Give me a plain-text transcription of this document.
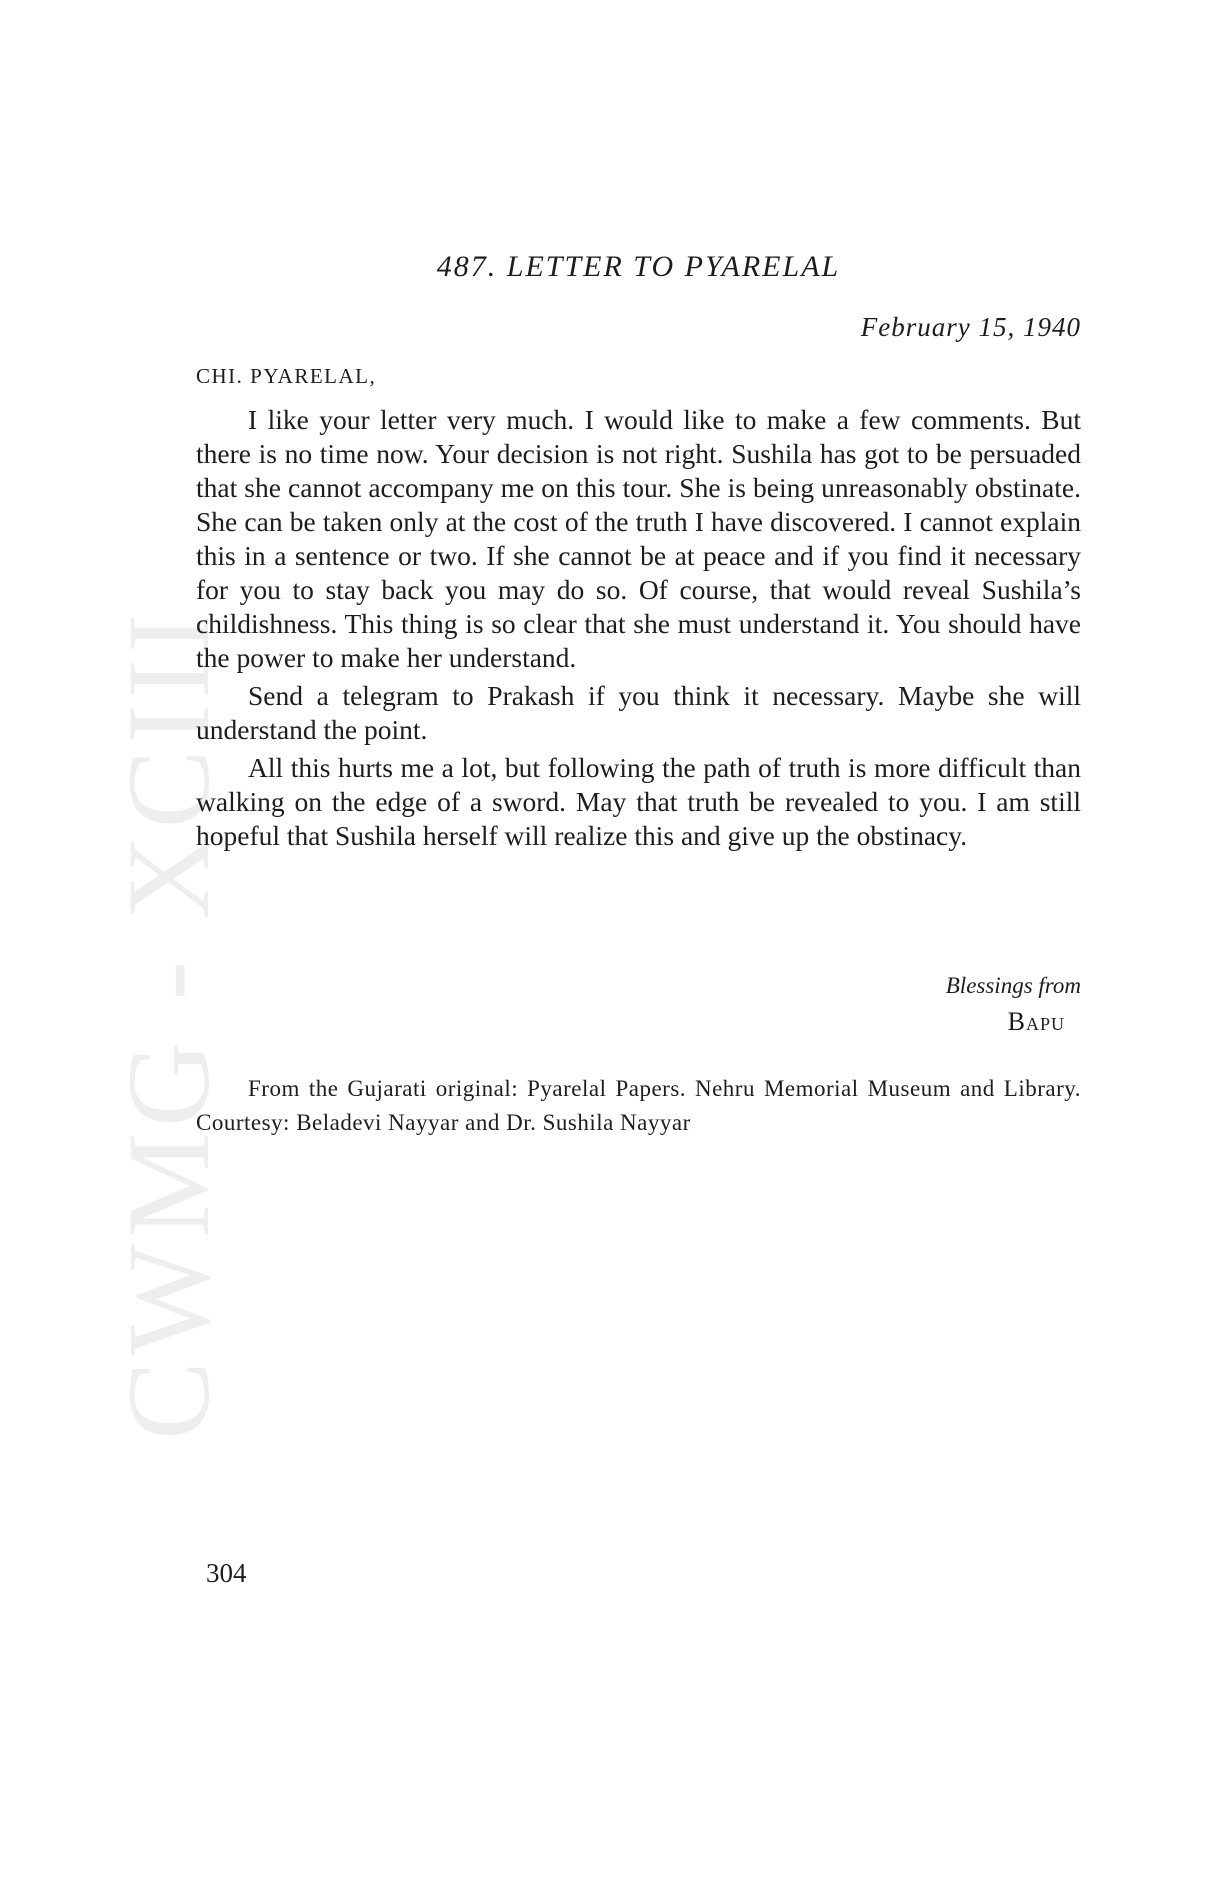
CWMG - XCIII
487. LETTER TO PYARELAL
February 15, 1940
CHI. PYARELAL,

I like your letter very much. I would like to make a few comments. But there is no time now. Your decision is not right. Sushila has got to be persuaded that she cannot accompany me on this tour. She is being unreasonably obstinate. She can be taken only at the cost of the truth I have discovered. I cannot explain this in a sentence or two. If she cannot be at peace and if you find it necessary for you to stay back you may do so. Of course, that would reveal Sushila’s childishness. This thing is so clear that she must understand it. You should have the power to make her understand.

Send a telegram to Prakash if you think it necessary. Maybe she will understand the point.

All this hurts me a lot, but following the path of truth is more difficult than walking on the edge of a sword. May that truth be revealed to you. I am still hopeful that Sushila herself will realize this and give up the obstinacy.

Blessings from
Bapu
From the Gujarati original: Pyarelal Papers. Nehru Memorial Museum and Library. Courtesy: Beladevi Nayyar and Dr. Sushila Nayyar
304
